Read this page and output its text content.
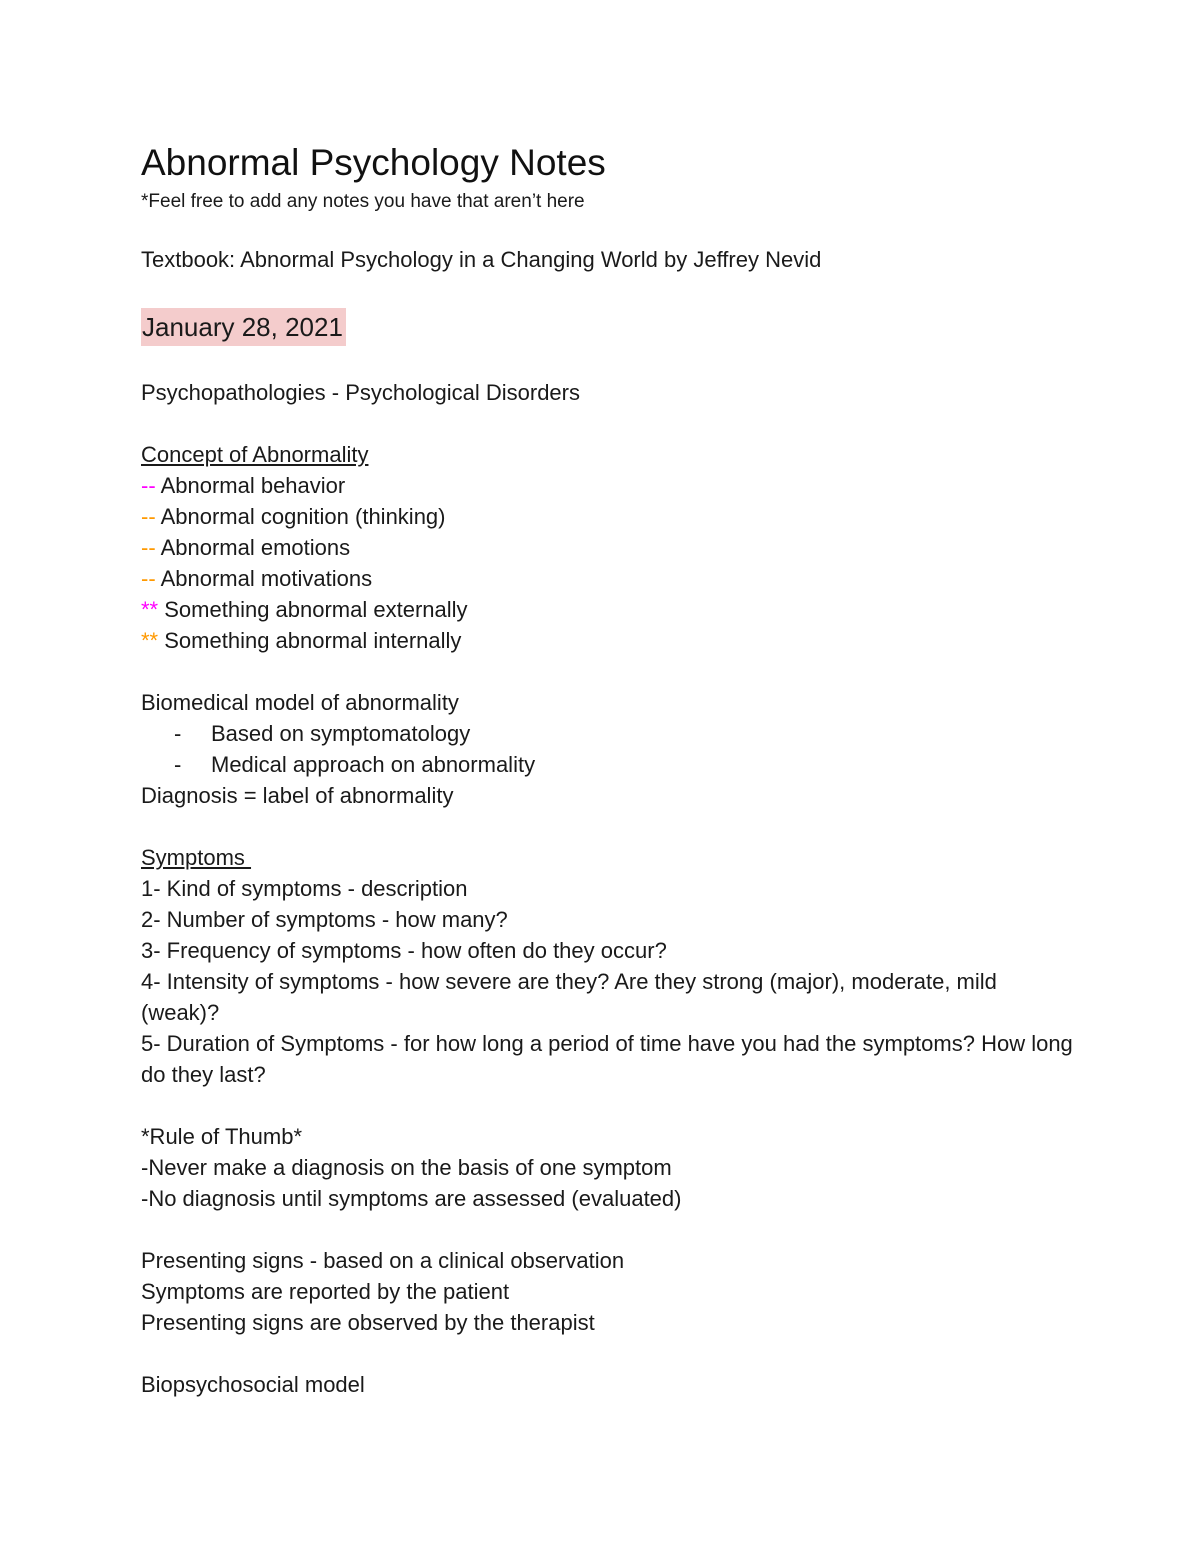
Abnormal Psychology Notes

*Feel free to add any notes you have that aren’t here

Textbook: Abnormal Psychology in a Changing World by Jeffrey Nevid

January 28, 2021

Psychopathologies - Psychological Disorders

Concept of Abnormality

-- Abnormal behavior

-- Abnormal cognition (thinking)

-- Abnormal emotions

-- Abnormal motivations

** Something abnormal externally

** Something abnormal internally

Biomedical model of abnormality

-	Based on symptomatology
-	Medical approach on abnormality

Diagnosis = label of abnormality

Symptoms

1- Kind of symptoms - description

2- Number of symptoms - how many?

3- Frequency of symptoms - how often do they occur?

4- Intensity of symptoms - how severe are they? Are they strong (major), moderate, mild (weak)?

5- Duration of Symptoms - for how long a period of time have you had the symptoms? How long do they last?

*Rule of Thumb*

-Never make a diagnosis on the basis of one symptom

-No diagnosis until symptoms are assessed (evaluated)

Presenting signs - based on a clinical observation

Symptoms are reported by the patient

Presenting signs are observed by the therapist

Biopsychosocial model
